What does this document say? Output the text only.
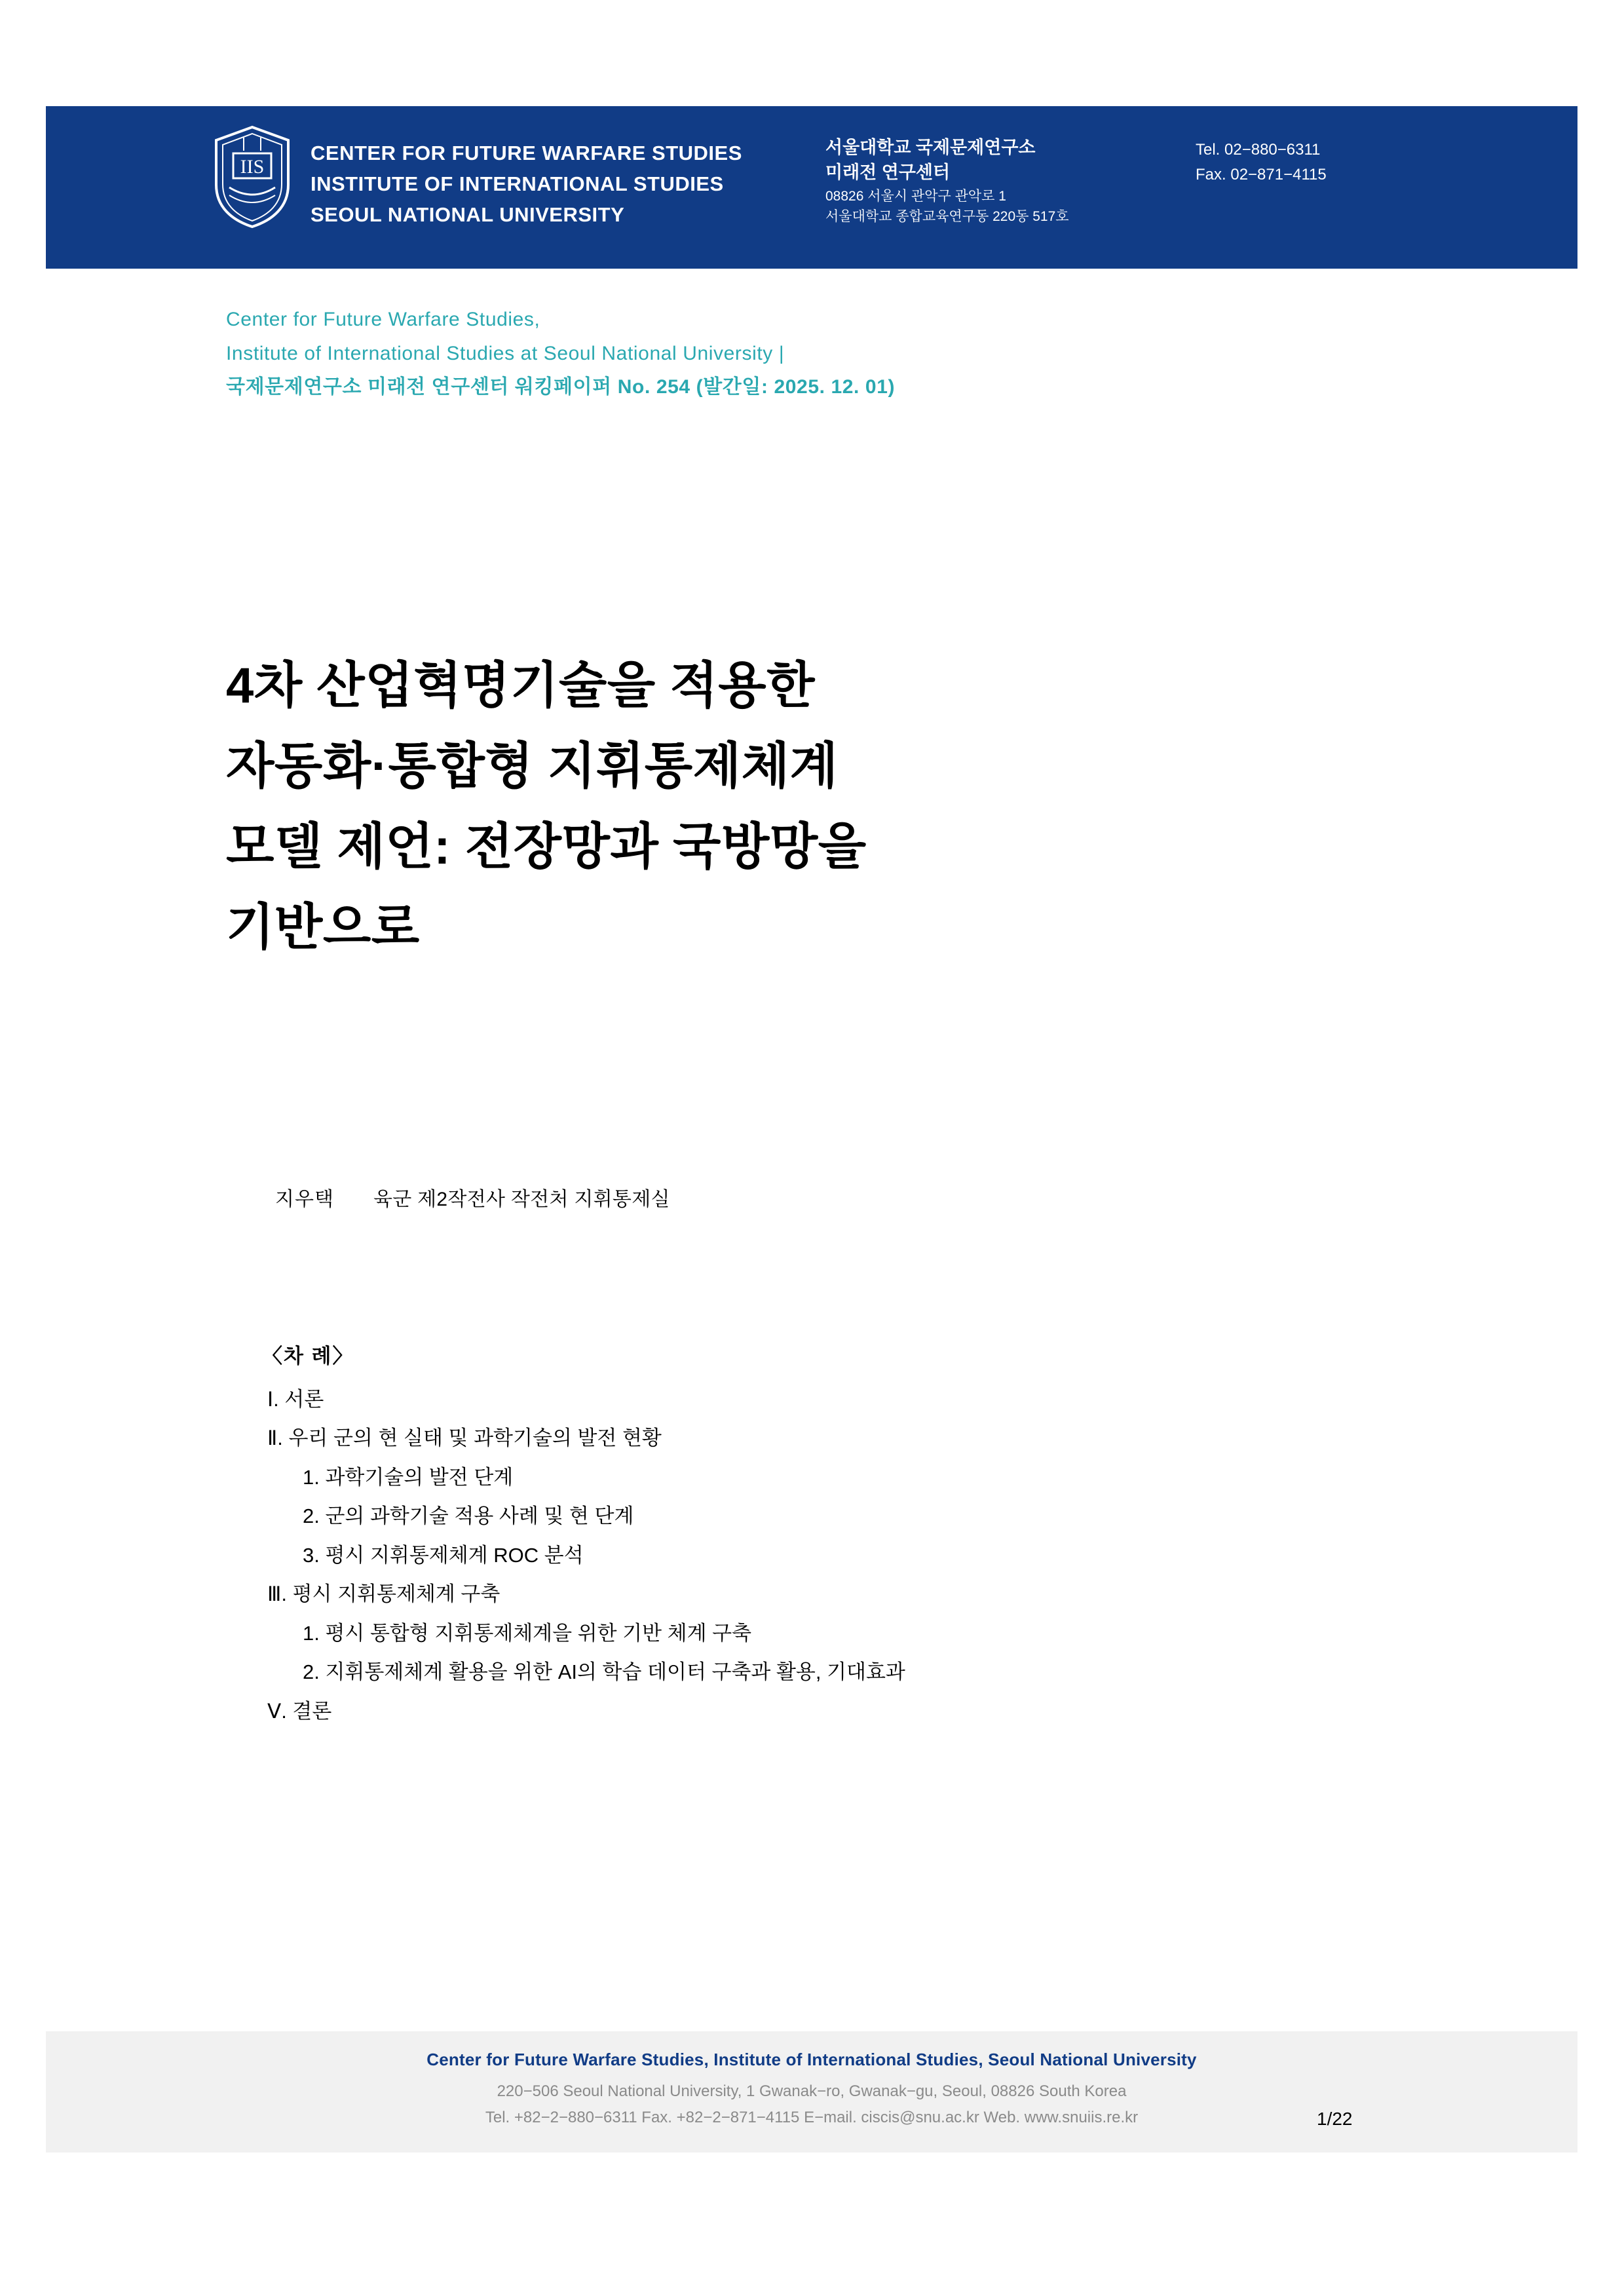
IIS
CENTER FOR FUTURE WARFARE STUDIES
INSTITUTE OF INTERNATIONAL STUDIES
SEOUL NATIONAL UNIVERSITY
서울대학교 국제문제연구소
미래전 연구센터
08826 서울시 관악구 관악로 1
서울대학교 종합교육연구동 220동 517호
Tel. 02−880−6311
Fax. 02−871−4115
Center for Future Warfare Studies,
Institute of International Studies at Seoul National University |
국제문제연구소 미래전 연구센터 워킹페이퍼 No. 254 (발간일: 2025. 12. 01)
4차 산업혁명기술을 적용한
자동화·통합형 지휘통제체계
모델 제언: 전장망과 국방망을
기반으로
지우택 육군 제2작전사 작전처 지휘통제실
〈차 례〉
Ⅰ. 서론
Ⅱ. 우리 군의 현 실태 및 과학기술의 발전 현황
1. 과학기술의 발전 단계
2. 군의 과학기술 적용 사례 및 현 단계
3. 평시 지휘통제체계 ROC 분석
Ⅲ. 평시 지휘통제체계 구축
1. 평시 통합형 지휘통제체계을 위한 기반 체계 구축
2. 지휘통제체계 활용을 위한 AI의 학습 데이터 구축과 활용, 기대효과
Ⅴ. 결론
Center for Future Warfare Studies, Institute of International Studies, Seoul National University
220−506 Seoul National University, 1 Gwanak−ro, Gwanak−gu, Seoul, 08826 South Korea
Tel. +82−2−880−6311 Fax. +82−2−871−4115 E−mail. ciscis@snu.ac.kr Web. www.snuiis.re.kr	1/22
